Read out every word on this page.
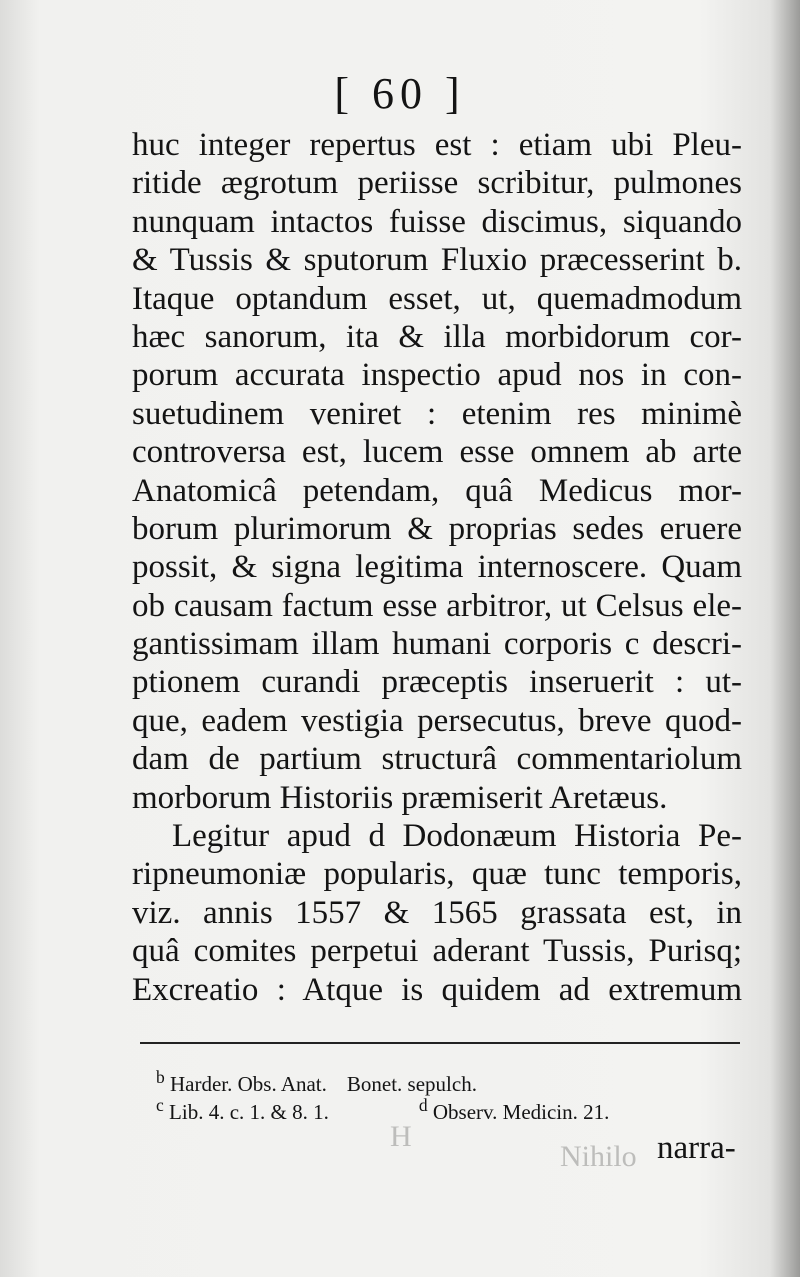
Nihilo
H
[ 60 ]
huc integer repertus est : etiam ubi Pleu-
ritide ægrotum periisse scribitur, pulmones
nunquam intactos fuisse discimus, siquando
& Tussis & sputorum Fluxio præcesserint b.
Itaque optandum esset, ut, quemadmodum
hæc sanorum, ita & illa morbidorum cor-
porum accurata inspectio apud nos in con-
suetudinem veniret : etenim res minimè
controversa est, lucem esse omnem ab arte
Anatomicâ petendam, quâ Medicus mor-
borum plurimorum & proprias sedes eruere
possit, & signa legitima internoscere. Quam
ob causam factum esse arbitror, ut Celsus ele-
gantissimam illam humani corporis c descri-
ptionem curandi præceptis inseruerit : ut-
que, eadem vestigia persecutus, breve quod-
dam de partium structurâ commentariolum
morborum Historiis præmiserit Aretæus.
Legitur apud d Dodonæum Historia Pe-
ripneumoniæ popularis, quæ tunc temporis,
viz. annis 1557 & 1565 grassata est, in
quâ comites perpetui aderant Tussis, Purisq;
Excreatio : Atque is quidem ad extremum
$^b$ Harder. Obs. Anat. Bonet. sepulch.
$^c$ Lib. 4. c. 1. & 8. 1.	$^d$ Observ. Medicin. 21.
narra-
